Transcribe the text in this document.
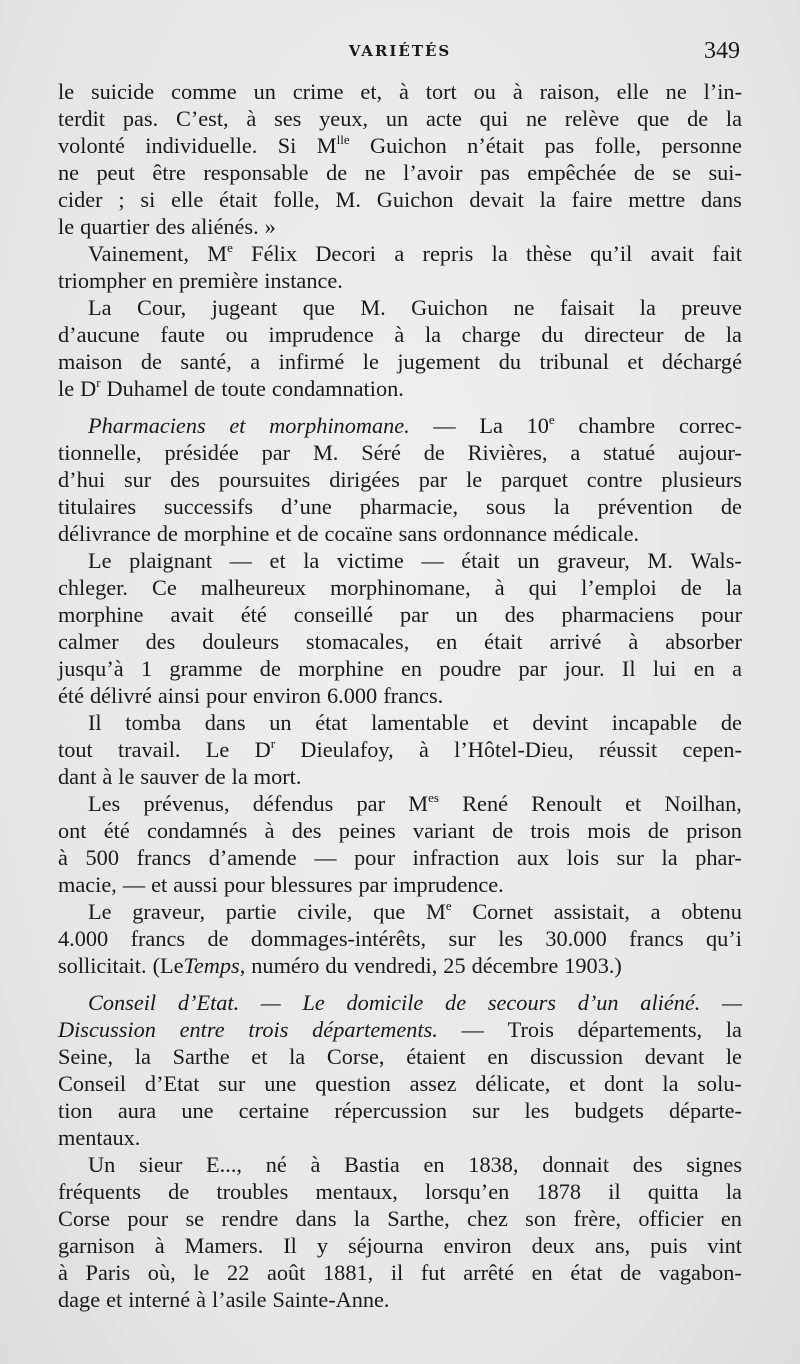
VARIÉTÉS	349
le suicide comme un crime et, à tort ou à raison, elle ne l’in-
terdit pas. C’est, à ses yeux, un acte qui ne relève que de la
volonté individuelle. Si $M^{lle}$ Guichon n’était pas folle, personne
ne peut être responsable de ne l’avoir pas empêchée de se sui-
cider ; si elle était folle, M. Guichon devait la faire mettre dans
le quartier des aliénés. »
Vainement, Me Félix Decori a repris la thèse qu’il avait fait
triompher en première instance.
La Cour, jugeant que M. Guichon ne faisait la preuve
d’aucune faute ou imprudence à la charge du directeur de la
maison de santé, a infirmé le jugement du tribunal et déchargé
le $D^r$ Duhamel de toute condamnation.
Pharmaciens et morphinomane. — La 10e chambre correc-
tionnelle, présidée par M. Séré de Rivières, a statué aujour-
d’hui sur des poursuites dirigées par le parquet contre plusieurs
titulaires successifs d’une pharmacie, sous la prévention de
délivrance de morphine et de cocaïne sans ordonnance médicale.
Le plaignant — et la victime — était un graveur, M. Wals-
chleger. Ce malheureux morphinomane, à qui l’emploi de la
morphine avait été conseillé par un des pharmaciens pour
calmer des douleurs stomacales, en était arrivé à absorber
jusqu’à 1 gramme de morphine en poudre par jour. Il lui en a
été délivré ainsi pour environ 6.000 francs.
Il tomba dans un état lamentable et devint incapable de
tout travail. Le $D^r$ Dieulafoy, à l’Hôtel-Dieu, réussit cepen-
dant à le sauver de la mort.
Les prévenus, défendus par $M^{es}$ René Renoult et Noilhan,
ont été condamnés à des peines variant de trois mois de prison
à 500 francs d’amende — pour infraction aux lois sur la phar-
macie, — et aussi pour blessures par imprudence.
Le graveur, partie civile, que Me Cornet assistait, a obtenu
4.000 francs de dommages-intérêts, sur les 30.000 francs qu’i
sollicitait. (LeTemps, numéro du vendredi, 25 décembre 1903.)
Conseil d’Etat. — Le domicile de secours d’un aliéné. —
Discussion entre trois départements. — Trois départements, la
Seine, la Sarthe et la Corse, étaient en discussion devant le
Conseil d’Etat sur une question assez délicate, et dont la solu-
tion aura une certaine répercussion sur les budgets départe-
mentaux.
Un sieur E..., né à Bastia en 1838, donnait des signes
fréquents de troubles mentaux, lorsqu’en 1878 il quitta la
Corse pour se rendre dans la Sarthe, chez son frère, officier en
garnison à Mamers. Il y séjourna environ deux ans, puis vint
à Paris où, le 22 août 1881, il fut arrêté en état de vagabon-
dage et interné à l’asile Sainte-Anne.
